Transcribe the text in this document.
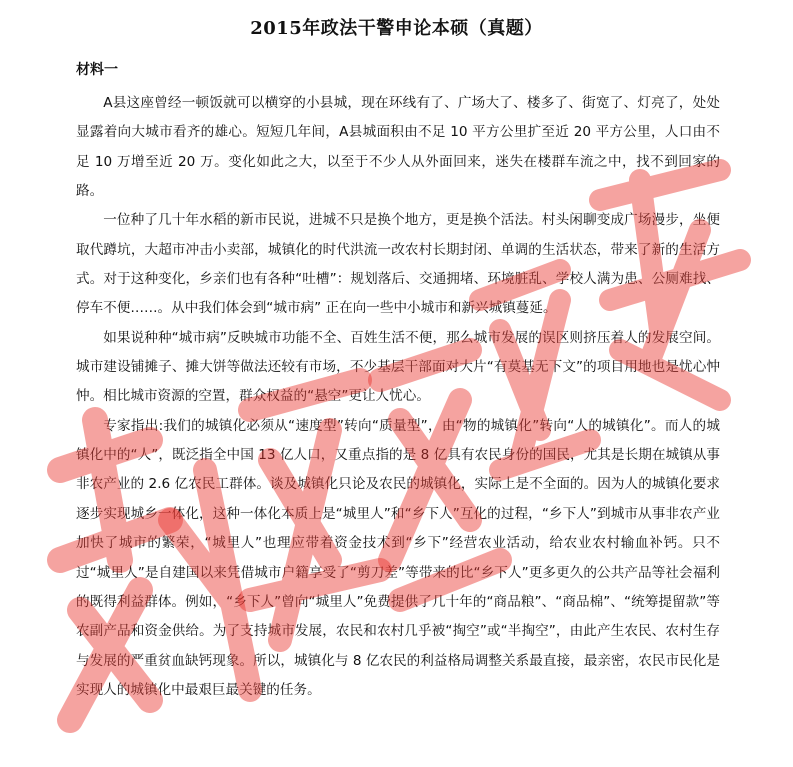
2015年政法干警申论本硕（真题）
材料一

A县这座曾经一顿饭就可以横穿的小县城，现在环线有了、广场大了、楼多了、街宽了、灯亮了，处处显露着向大城市看齐的雄心。短短几年间，A县城面积由不足 10 平方公里扩至近 20 平方公里，人口由不足 10 万增至近 20 万。变化如此之大，以至于不少人从外面回来，迷失在楼群车流之中，找不到回家的路。

一位种了几十年水稻的新市民说，进城不只是换个地方，更是换个活法。村头闲聊变成广场漫步，坐便取代蹲坑，大超市冲击小卖部，城镇化的时代洪流一改农村长期封闭、单调的生活状态，带来了新的生活方式。对于这种变化，乡亲们也有各种“吐槽”：规划落后、交通拥堵、环境脏乱、学校人满为患、公厕难找、停车不便……。从中我们体会到“城市病” 正在向一些中小城市和新兴城镇蔓延。

如果说种种“城市病”反映城市功能不全、百姓生活不便，那么城市发展的误区则挤压着人的发展空间。城市建设铺摊子、摊大饼等做法还较有市场，不少基层干部面对大片“有莫基无下文”的项目用地也是忧心忡忡。相比城市资源的空置，群众权益的“悬空”更让人忧心。

专家指出:我们的城镇化必须从“速度型”转向“质量型”，由“物的城镇化”转向“人的城镇化”。而人的城镇化中的“人”，既泛指全中国 13 亿人口，又重点指的是 8 亿具有农民身份的国民，尤其是长期在城镇从事非农产业的 2.6 亿农民工群体。谈及城镇化只论及农民的城镇化，实际上是不全面的。因为人的城镇化要求逐步实现城乡一体化，这种一体化本质上是“城里人”和“乡下人”互化的过程，“乡下人”到城市从事非农产业加快了城市的繁荣，“城里人”也理应带着资金技术到“乡下”经营农业活动，给农业农村输血补钙。只不过“城里人”是自建国以来凭借城市户籍享受了“剪刀差”等带来的比“乡下人”更多更久的公共产品等社会福利的既得利益群体。例如，“乡下人”曾向“城里人”免费提供了几十年的“商品粮”、“商品棉”、“统筹提留款”等农副产品和资金供给。为了支持城市发展，农民和农村几乎被“掏空”或“半掏空”，由此产生农民、农村生存与发展的严重贫血缺钙现象。所以，城镇化与 8 亿农民的利益格局调整关系最直接，最亲密，农民市民化是实现人的城镇化中最艰巨最关键的任务。
